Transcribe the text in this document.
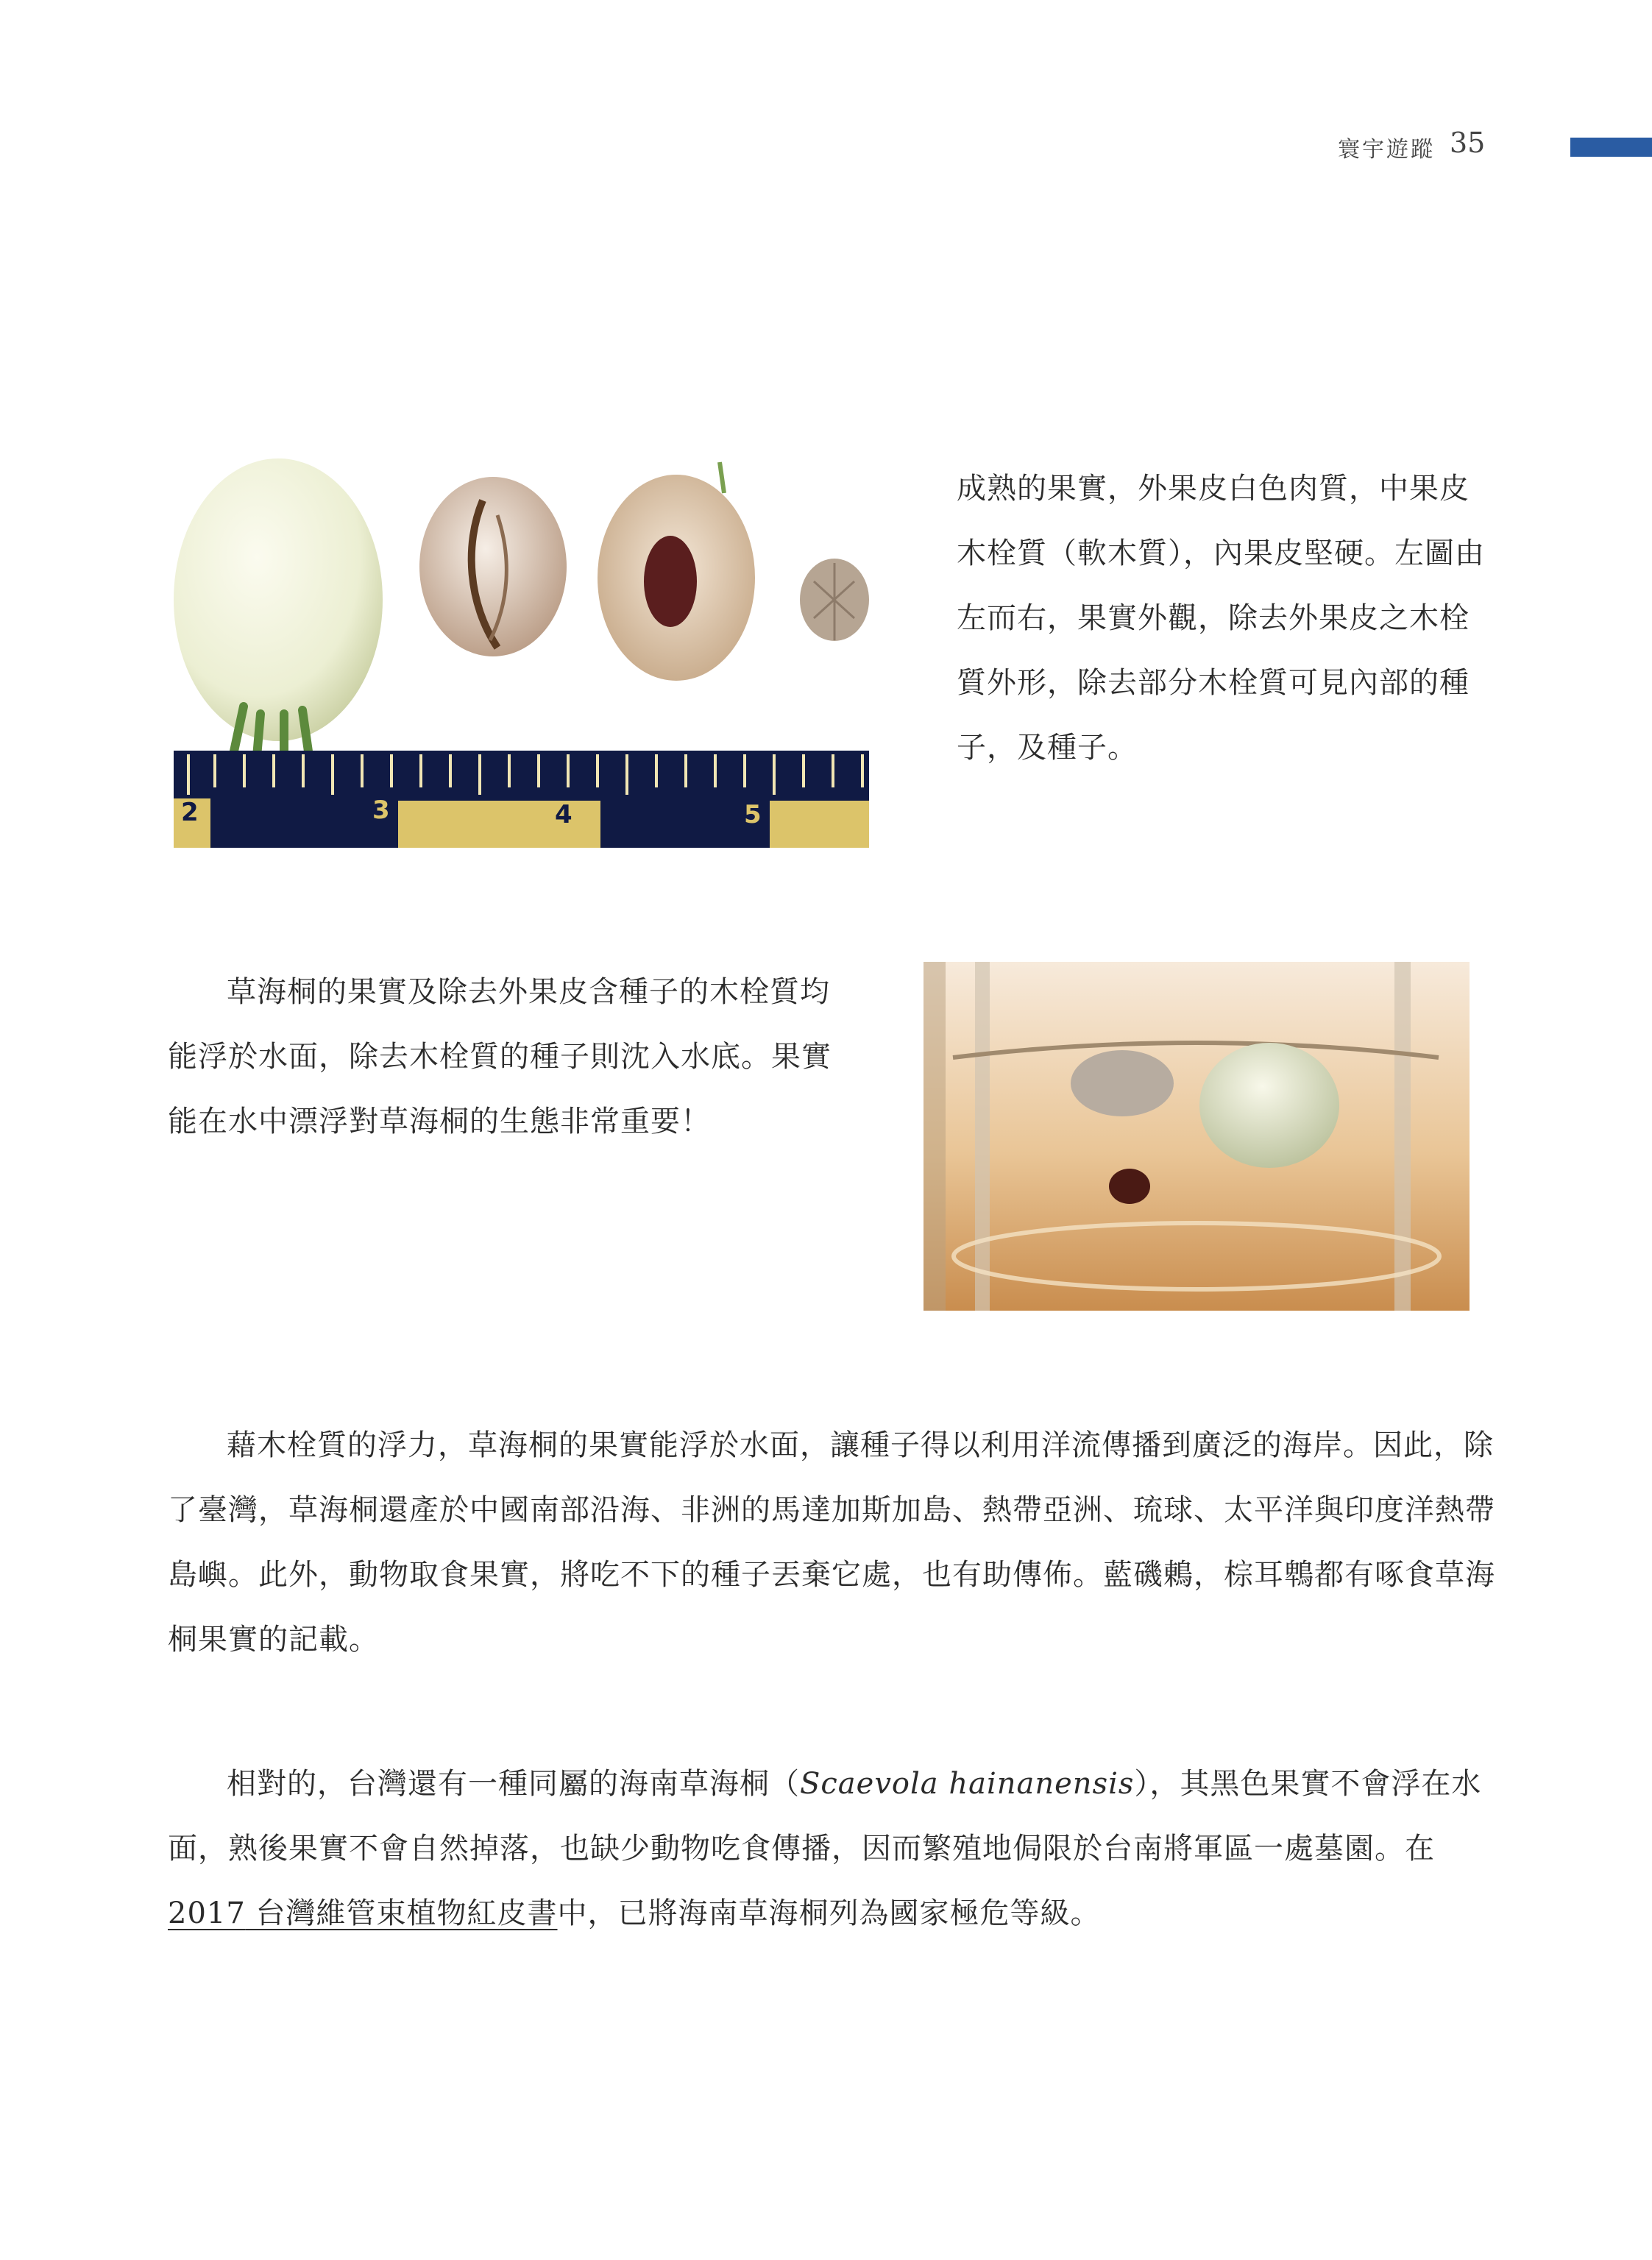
寰宇遊蹤 35
2	3	4	5

成熟的果實，外果皮白色肉質，中果皮木栓質（軟木質），內果皮堅硬。左圖由左而右，果實外觀，除去外果皮之木栓質外形，除去部分木栓質可見內部的種子，及種子。

草海桐的果實及除去外果皮含種子的木栓質均能浮於水面，除去木栓質的種子則沈入水底。果實能在水中漂浮對草海桐的生態非常重要！

藉木栓質的浮力，草海桐的果實能浮於水面，讓種子得以利用洋流傳播到廣泛的海岸。因此，除了臺灣，草海桐還產於中國南部沿海、非洲的馬達加斯加島、熱帶亞洲、琉球、太平洋與印度洋熱帶島嶼。此外，動物取食果實，將吃不下的種子丟棄它處，也有助傳佈。藍磯鶇，棕耳鵯都有啄食草海桐果實的記載。

相對的，台灣還有一種同屬的海南草海桐（Scaevola hainanensis），其黑色果實不會浮在水面，熟後果實不會自然掉落，也缺少動物吃食傳播，因而繁殖地侷限於台南將軍區一處墓園。在 2017 台灣維管束植物紅皮書中，已將海南草海桐列為國家極危等級。
